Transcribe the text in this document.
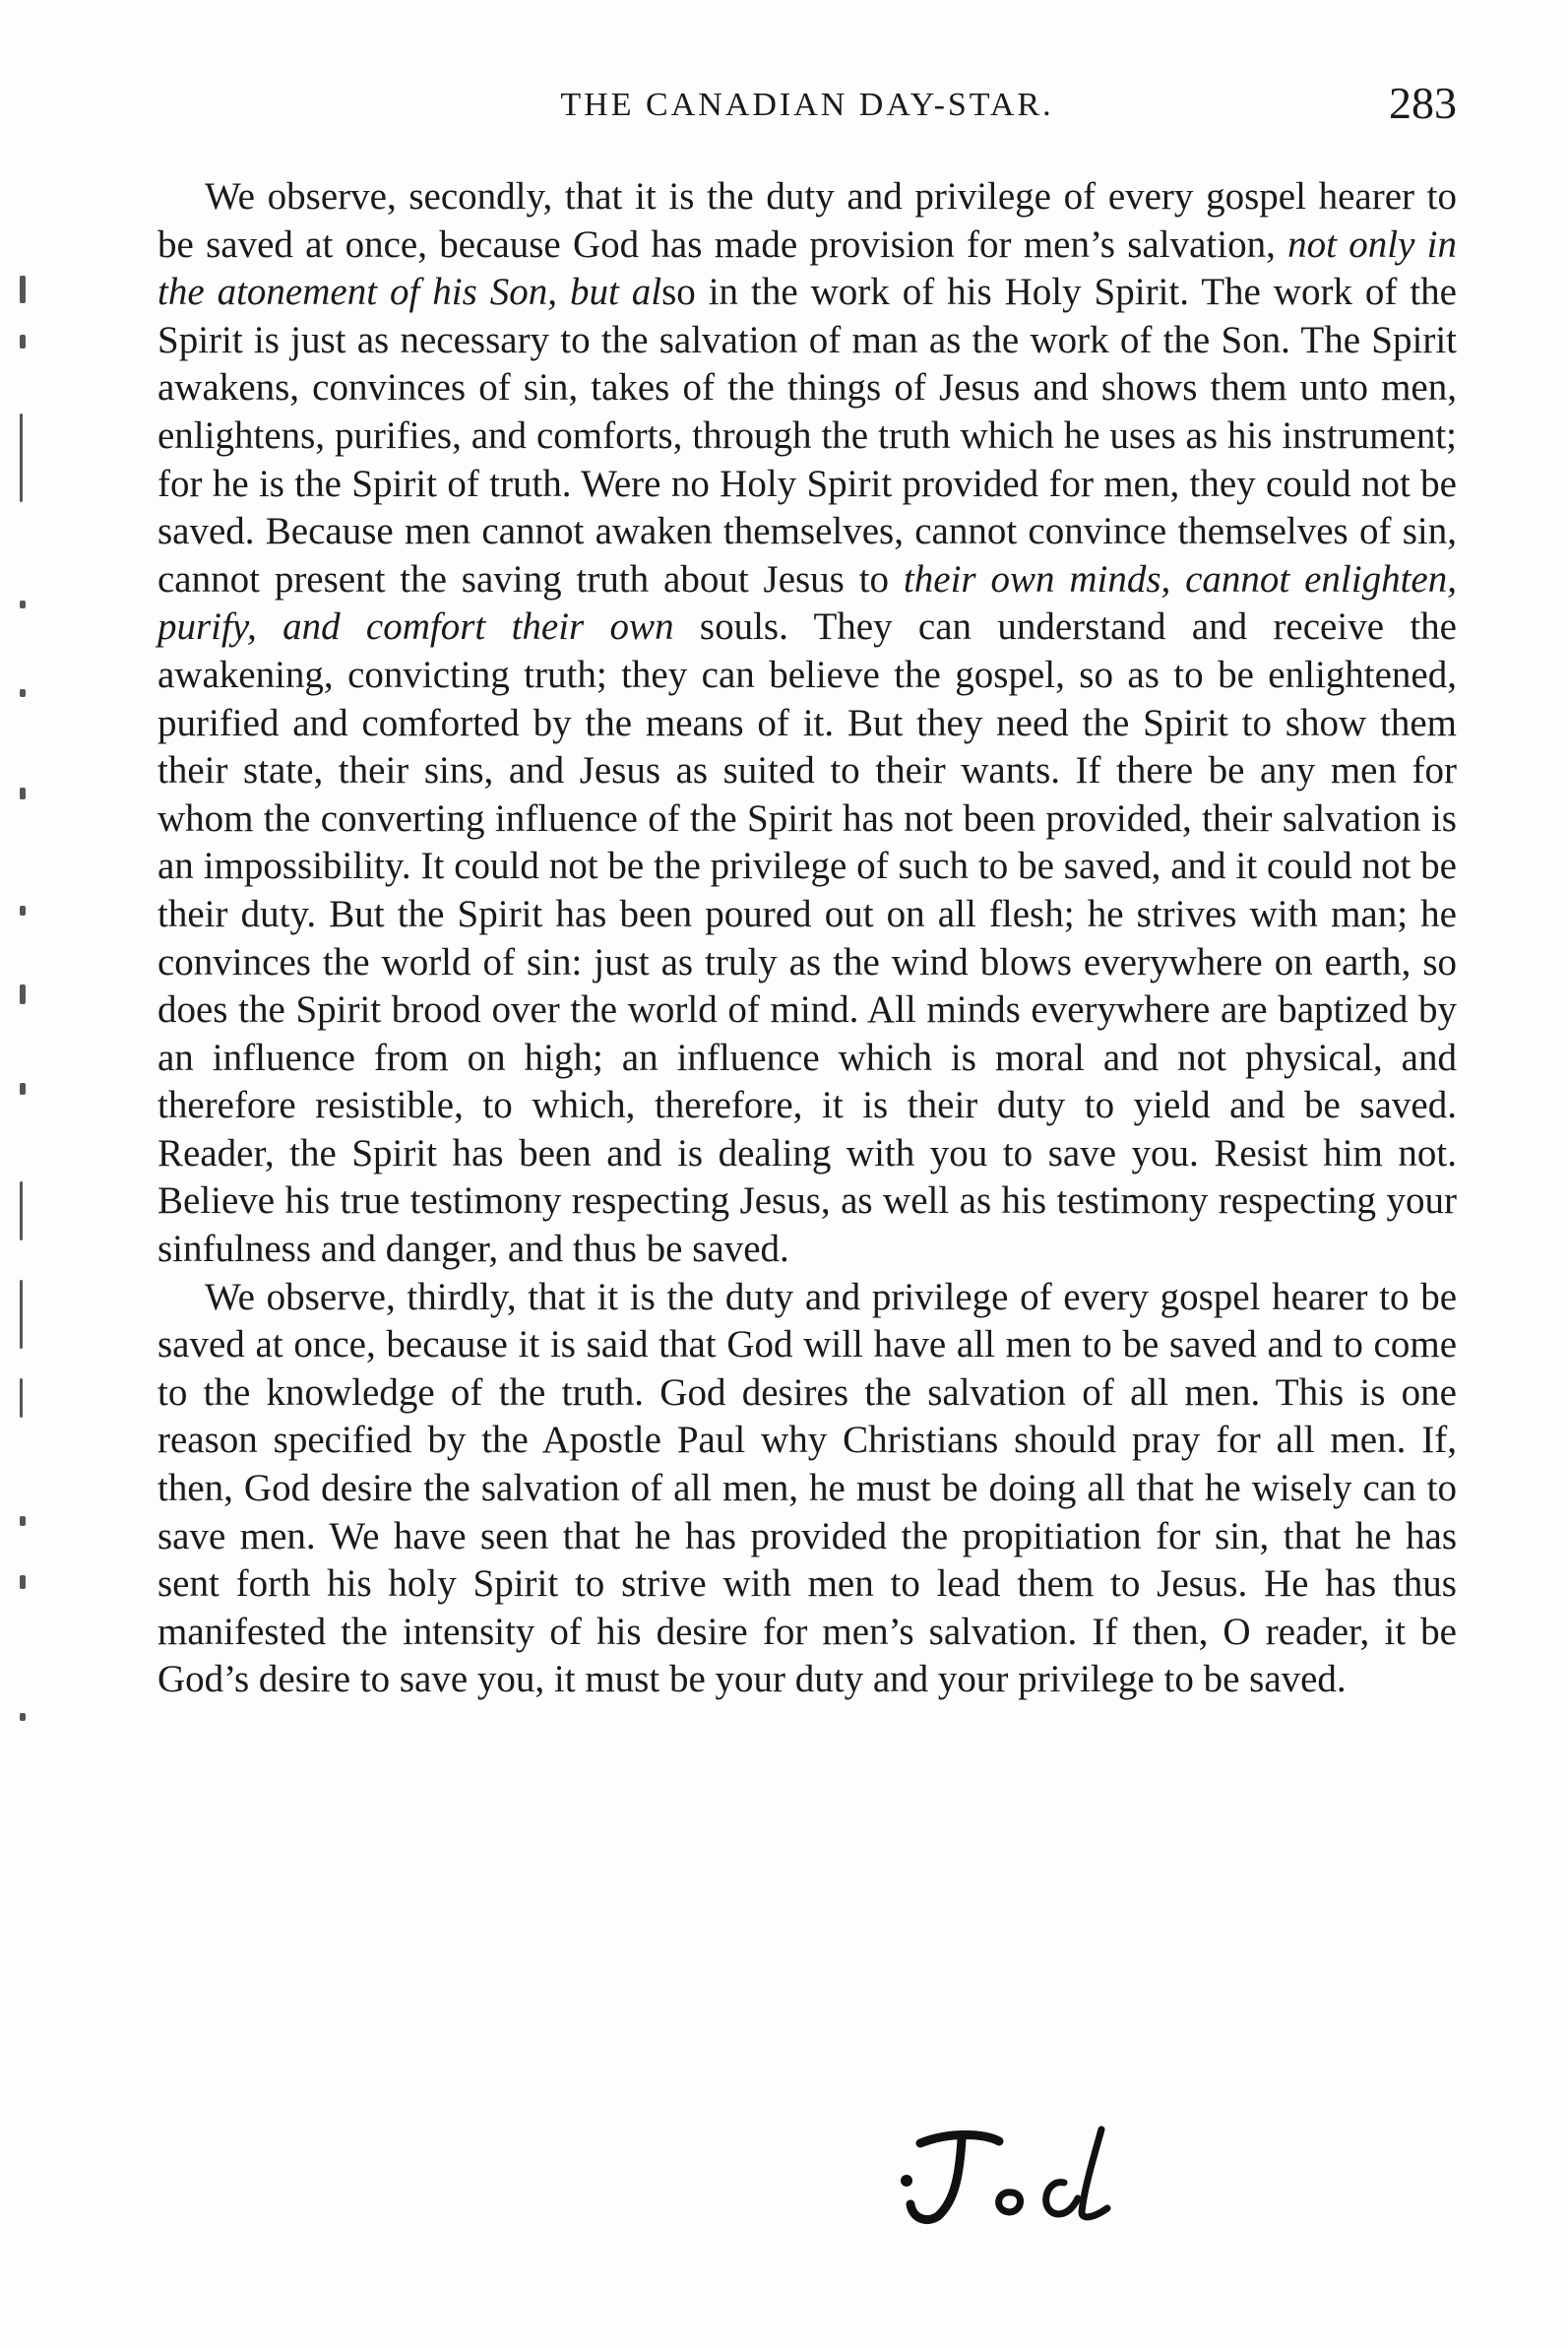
THE CANADIAN DAY-STAR.	283

We observe, secondly, that it is the duty and privilege of every gospel hearer to be saved at once, because God has made provision for men’s salvation, not only in the atonement of his Son, but also in the work of his Holy Spirit. The work of the Spirit is just as necessary to the salvation of man as the work of the Son. The Spirit awakens, convinces of sin, takes of the things of Jesus and shows them unto men, enlightens, purifies, and comforts, through the truth which he uses as his instrument; for he is the Spirit of truth. Were no Holy Spirit provided for men, they could not be saved. Because men cannot awaken themselves, cannot convince themselves of sin, cannot present the saving truth about Jesus to their own minds, cannot enlighten, purify, and comfort their own souls. They can understand and receive the awakening, convicting truth; they can believe the gospel, so as to be enlightened, purified and comforted by the means of it. But they need the Spirit to show them their state, their sins, and Jesus as suited to their wants. If there be any men for whom the converting influence of the Spirit has not been provided, their salvation is an impossibility. It could not be the privilege of such to be saved, and it could not be their duty. But the Spirit has been poured out on all flesh; he strives with man; he convinces the world of sin: just as truly as the wind blows everywhere on earth, so does the Spirit brood over the world of mind. All minds everywhere are baptized by an influence from on high; an influence which is moral and not physical, and therefore resistible, to which, therefore, it is their duty to yield and be saved. Reader, the Spirit has been and is dealing with you to save you. Resist him not. Believe his true testimony respecting Jesus, as well as his testimony respecting your sinfulness and danger, and thus be saved.

We observe, thirdly, that it is the duty and privilege of every gospel hearer to be saved at once, because it is said that God will have all men to be saved and to come to the knowledge of the truth. God desires the salvation of all men. This is one reason specified by the Apostle Paul why Christians should pray for all men. If, then, God desire the salvation of all men, he must be doing all that he wisely can to save men. We have seen that he has provided the propitiation for sin, that he has sent forth his holy Spirit to strive with men to lead them to Jesus. He has thus manifested the intensity of his desire for men’s salvation. If then, O reader, it be God’s desire to save you, it must be your duty and your privilege to be saved.
